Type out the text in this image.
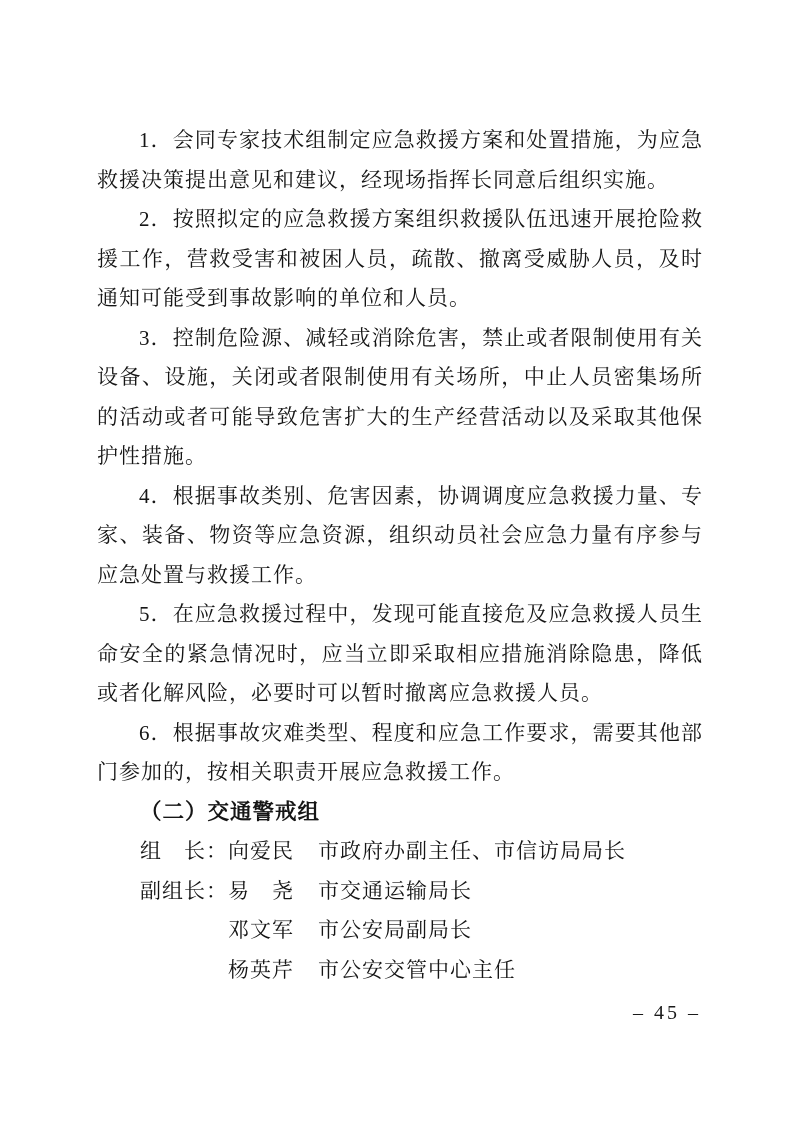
1．会同专家技术组制定应急救援方案和处置措施，为应急救援决策提出意见和建议，经现场指挥长同意后组织实施。

2．按照拟定的应急救援方案组织救援队伍迅速开展抢险救援工作，营救受害和被困人员，疏散、撤离受威胁人员，及时通知可能受到事故影响的单位和人员。

3．控制危险源、减轻或消除危害，禁止或者限制使用有关设备、设施，关闭或者限制使用有关场所，中止人员密集场所的活动或者可能导致危害扩大的生产经营活动以及采取其他保护性措施。

4．根据事故类别、危害因素，协调调度应急救援力量、专家、装备、物资等应急资源，组织动员社会应急力量有序参与应急处置与救援工作。

5．在应急救援过程中，发现可能直接危及应急救援人员生命安全的紧急情况时，应当立即采取相应措施消除隐患，降低或者化解风险，必要时可以暂时撤离应急救援人员。

6．根据事故灾难类型、程度和应急工作要求，需要其他部门参加的，按相关职责开展应急救援工作。

（二）交通警戒组
组　长： 向爱民 市政府办副主任、市信访局局长
副组长： 易　尧 市交通运输局长
邓文军 市公安局副局长
杨英芹 市公安交管中心主任
– 45 –
